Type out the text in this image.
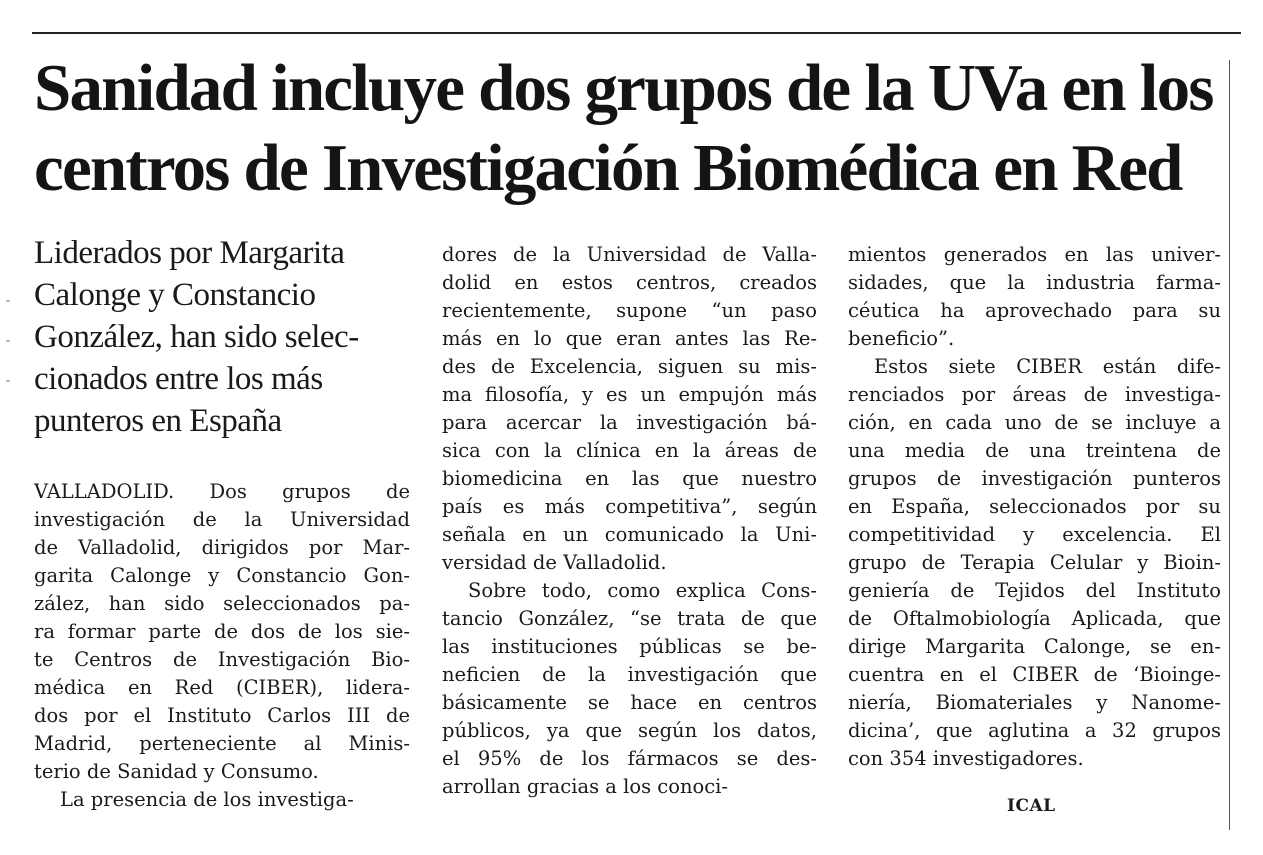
Sanidad incluye dos grupos de la UVa en los
centros de Investigación Biomédica en Red
Liderados por Margarita
Calonge y Constancio
González, han sido selec-
cionados entre los más
punteros en España
VALLADOLID. Dos grupos de
investigación de la Universidad
de Valladolid, dirigidos por Mar-
garita Calonge y Constancio Gon-
zález, han sido seleccionados pa-
ra formar parte de dos de los sie-
te Centros de Investigación Bio-
médica en Red (CIBER), lidera-
dos por el Instituto Carlos III de
Madrid, perteneciente al Minis-
terio de Sanidad y Consumo.
La presencia de los investiga-
dores de la Universidad de Valla-
dolid en estos centros, creados
recientemente, supone “un paso
más en lo que eran antes las Re-
des de Excelencia, siguen su mis-
ma filosofía, y es un empujón más
para acercar la investigación bá-
sica con la clínica en la áreas de
biomedicina en las que nuestro
país es más competitiva”, según
señala en un comunicado la Uni-
versidad de Valladolid.
Sobre todo, como explica Cons-
tancio González, “se trata de que
las instituciones públicas se be-
neficien de la investigación que
básicamente se hace en centros
públicos, ya que según los datos,
el 95% de los fármacos se des-
arrollan gracias a los conoci-
mientos generados en las univer-
sidades, que la industria farma-
céutica ha aprovechado para su
beneficio”.
Estos siete CIBER están dife-
renciados por áreas de investiga-
ción, en cada uno de se incluye a
una media de una treintena de
grupos de investigación punteros
en España, seleccionados por su
competitividad y excelencia. El
grupo de Terapia Celular y Bioin-
geniería de Tejidos del Instituto
de Oftalmobiología Aplicada, que
dirige Margarita Calonge, se en-
cuentra en el CIBER de ‘Bioinge-
niería, Biomateriales y Nanome-
dicina’, que aglutina a 32 grupos
con 354 investigadores.
ICAL
